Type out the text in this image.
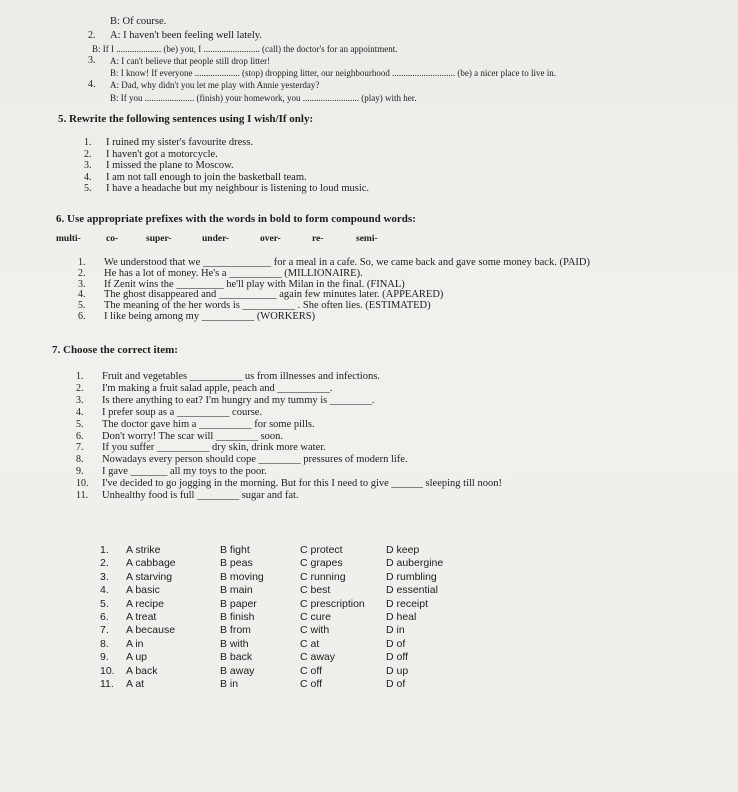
B: Of course.
2. A: I haven't been feeling well lately.
B: If I .................... (be) you, I ......................... (call) the doctor's for an appointment.
3. A: I can't believe that people still drop litter!
B: I know! If everyone .................... (stop) dropping litter, our neighbourhood ............................ (be) a nicer place to live in.
4. A: Dad, why didn't you let me play with Annie yesterday?
B: If you ...................... (finish) your homework, you ......................... (play) with her.
5. Rewrite the following sentences using I wish/If only:
1. I ruined my sister's favourite dress.
2. I haven't got a motorcycle.
3. I missed the plane to Moscow.
4. I am not tall enough to join the basketball team.
5. I have a headache but my neighbour is listening to loud music.
6. Use appropriate prefixes with the words in bold to form compound words:
multi-	co-	super-	under-	over-	re-	semi-
1. We understood that we _____________ for a meal in a cafe. So, we came back and gave some money back. (PAID)
2. He has a lot of money. He's a __________ (MILLIONAIRE).
3. If Zenit wins the _________ he'll play with Milan in the final. (FINAL)
4. The ghost disappeared and ___________ again few minutes later. (APPEARED)
5. The meaning of the her words is __________ . She often lies. (ESTIMATED)
6. I like being among my __________ (WORKERS)
7. Choose the correct item:
1. Fruit and vegetables __________ us from illnesses and infections.
2. I'm making a fruit salad apple, peach and __________.
3. Is there anything to eat? I'm hungry and my tummy is ________.
4. I prefer soup as a __________ course.
5. The doctor gave him a __________ for some pills.
6. Don't worry! The scar will ________ soon.
7. If you suffer __________ dry skin, drink more water.
8. Nowadays every person should cope ________ pressures of modern life.
9. I gave _______ all my toys to the poor.
10. I've decided to go jogging in the morning. But for this I need to give ______ sleeping till noon!
11. Unhealthy food is full ________ sugar and fat.
1. A strike	B fight	C protect	D keep
2. A cabbage	B peas	C grapes	D aubergine
3. A starving	B moving	C running	D rumbling
4. A basic	B main	C best	D essential
5. A recipe	B paper	C prescription D receipt
6. A treat	B finish	C cure	D heal
7. A because	B from	C with	D in
8. A in	B with	C at	D of
9. A up	B back	C away	D off
10. A back	B away	C off	D up
11. A at	B in	C off	D of
